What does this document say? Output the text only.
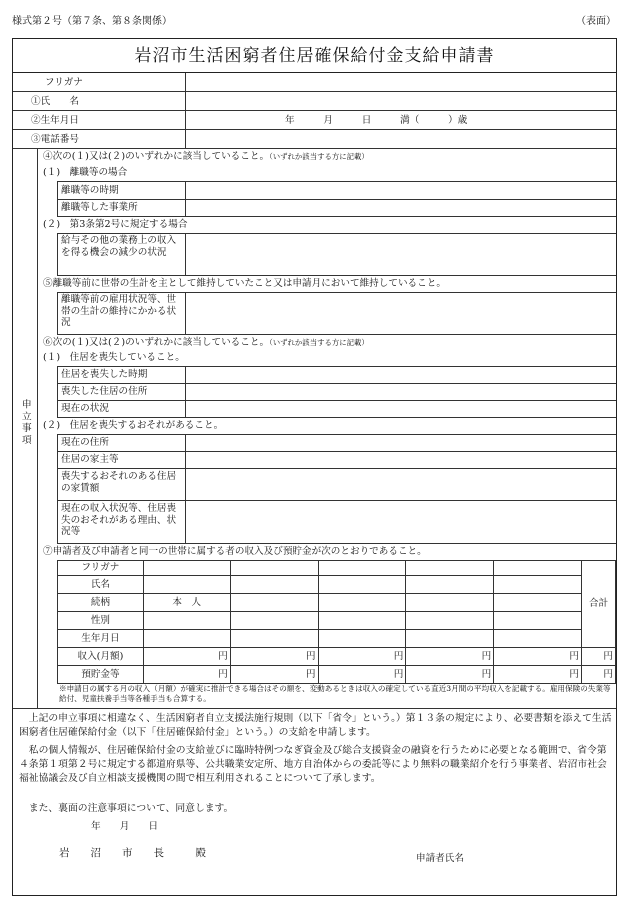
様式第２号（第７条、第８条関係）	（表面）
岩沼市生活困窮者住居確保給付金支給申請書
フリガナ
①氏　　名
②生年月日	年　　　月　　　日　　　満（　　　）歳
③電話番号
申立事項
④次の(１)又は(２)のいずれかに該当していること。（いずれか該当する方に記載）
(１)　離職等の場合
離職等の時期
離職等した事業所
(２)　第3条第2号に規定する場合
給与その他の業務上の収入を得る機会の減少の状況
⑤離職等前に世帯の生計を主として維持していたこと又は申請月において維持していること。
離職等前の雇用状況等、世帯の生計の維持にかかる状況
⑥次の(１)又は(２)のいずれかに該当していること。（いずれか該当する方に記載）
(１)　住居を喪失していること。
住居を喪失した時期
喪失した住居の住所
現在の状況
(２)　住居を喪失するおそれがあること。
現在の住所
住居の家主等
喪失するおそれのある住居の家賃額
現在の収入状況等、住居喪失のおそれがある理由、状況等
⑦申請者及び申請者と同一の世帯に属する者の収入及び預貯金が次のとおりであること。
フリガナ						合計
氏名						
続柄	本　人					
性別						
生年月日						
収入(月額)	円	円	円	円	円	円
預貯金等	円	円	円	円	円	円
※申請日の属する月の収入（月額）が確実に推計できる場合はその額を、変動あるときは収入の確定している直近3月間の平均収入を記載する。雇用保険の失業等給付、児童扶養手当等各種手当も合算する。
上記の申立事項に相違なく、生活困窮者自立支援法施行規則（以下「省令」という。）第１３条の規定により、必要書類を添えて生活困窮者住居確保給付金（以下「住居確保給付金」という。）の支給を申請します。
私の個人情報が、住居確保給付金の支給並びに臨時特例つなぎ資金及び総合支援資金の融資を行うために必要となる範囲で、省令第４条第１項第２号に規定する都道府県等、公共職業安定所、地方自治体からの委託等により無料の職業紹介を行う事業者、岩沼市社会福祉協議会及び自立相談支援機関の間で相互利用されることについて了承します。
また、裏面の注意事項について、同意します。
年　　月　　日
岩　　沼　　市　　長　　　殿	申請者氏名
